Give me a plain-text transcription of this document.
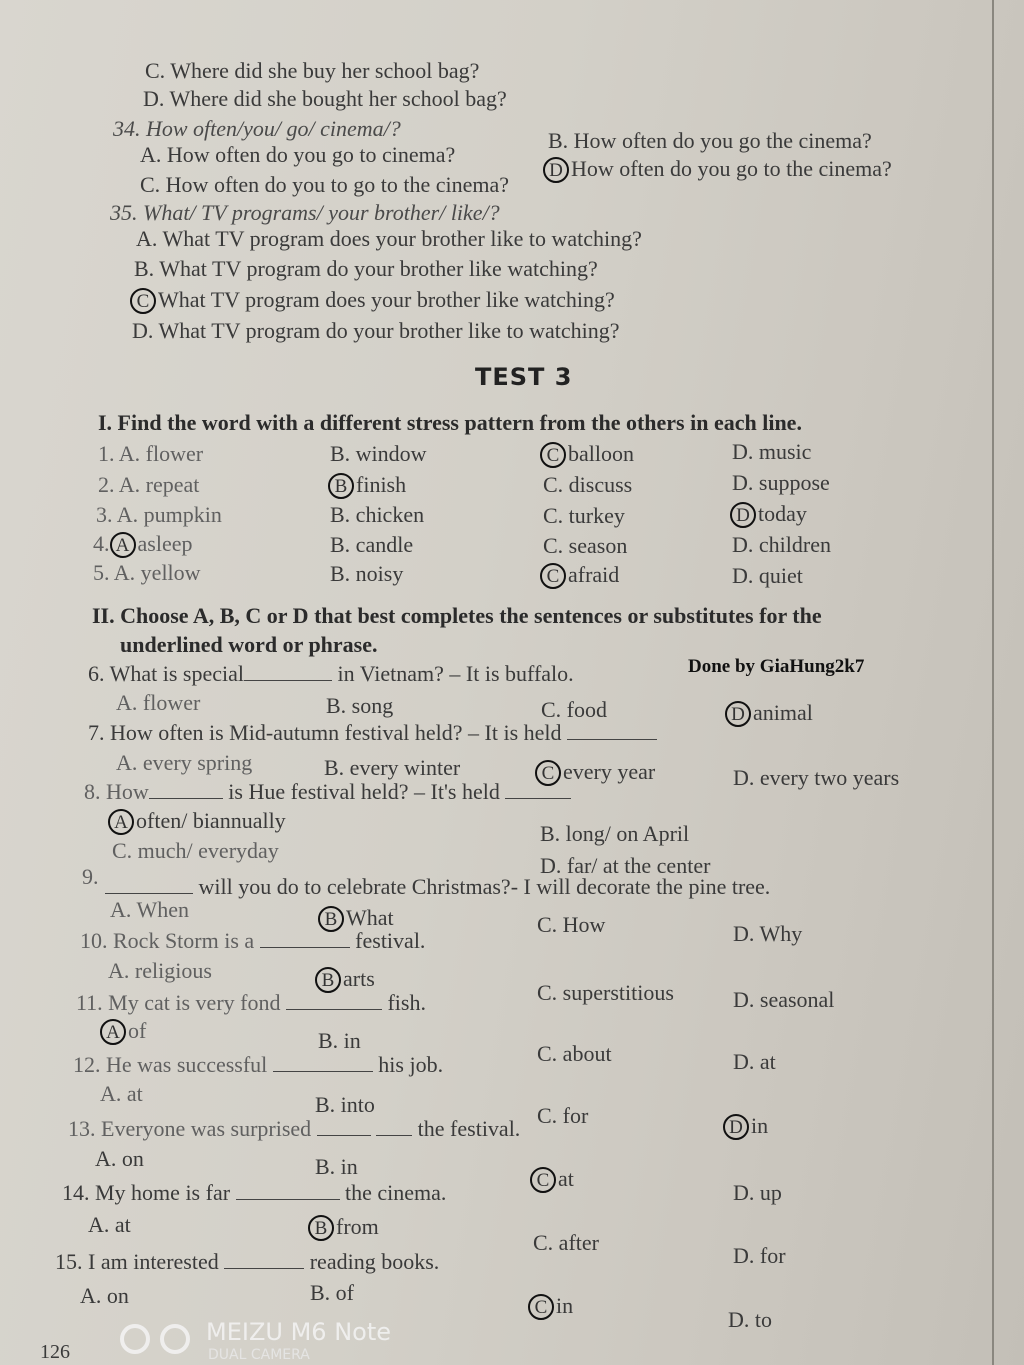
C. Where did she buy her school bag?
D. Where did she bought her school bag?
34. How often/you/ go/ cinema/?
A. How often do you go to cinema?
B. How often do you go the cinema?
C. How often do you to go to the cinema?
D How often do you go to the cinema?
35. What/ TV programs/ your brother/ like/?
A. What TV program does your brother like to watching?
B. What TV program do your brother like watching?
C What TV program does your brother like watching?
D. What TV program do your brother like to watching?
TEST 3
I. Find the word with a different stress pattern from the others in each line.
1. A. flower	B. window	C balloon	D. music
2. A. repeat	B finish	C. discuss	D. suppose
3. A. pumpkin	B. chicken	C. turkey	D today
4. A asleep	B. candle	C. season	D. children
5. A. yellow	B. noisy	C afraid	D. quiet
II. Choose A, B, C or D that best completes the sentences or substitutes for the
underlined word or phrase.
Done by GiaHung2k7
6. What is special	in Vietnam? – It is buffalo.
A. flower	B. song	C. food	D animal
7. How often is Mid-autumn festival held? – It is held
A. every spring	B. every winter	C every year	D. every two years
8. How	is Hue festival held? – It's held
A often/ biannually
B. long/ on April
C. much/ everyday
D. far/ at the center
9.	will you do to celebrate Christmas?- I will decorate the pine tree.
A. When	B What	C. How	D. Why
10. Rock Storm is a	festival.
A. religious	B arts
C. superstitious	D. seasonal
11. My cat is very fond	fish.
A of	B. in
C. about	D. at
12. He was successful	his job.
A. at	B. into	C. for	D in
13. Everyone was surprised	the festival.
A. on	B. in
C at
D. up
14. My home is far	the cinema.
A. at	B from
C. after
D. for
15. I am interested	reading books.
A. on	B. of
C in
D. to
126
MEIZU M6 Note
DUAL CAMERA
